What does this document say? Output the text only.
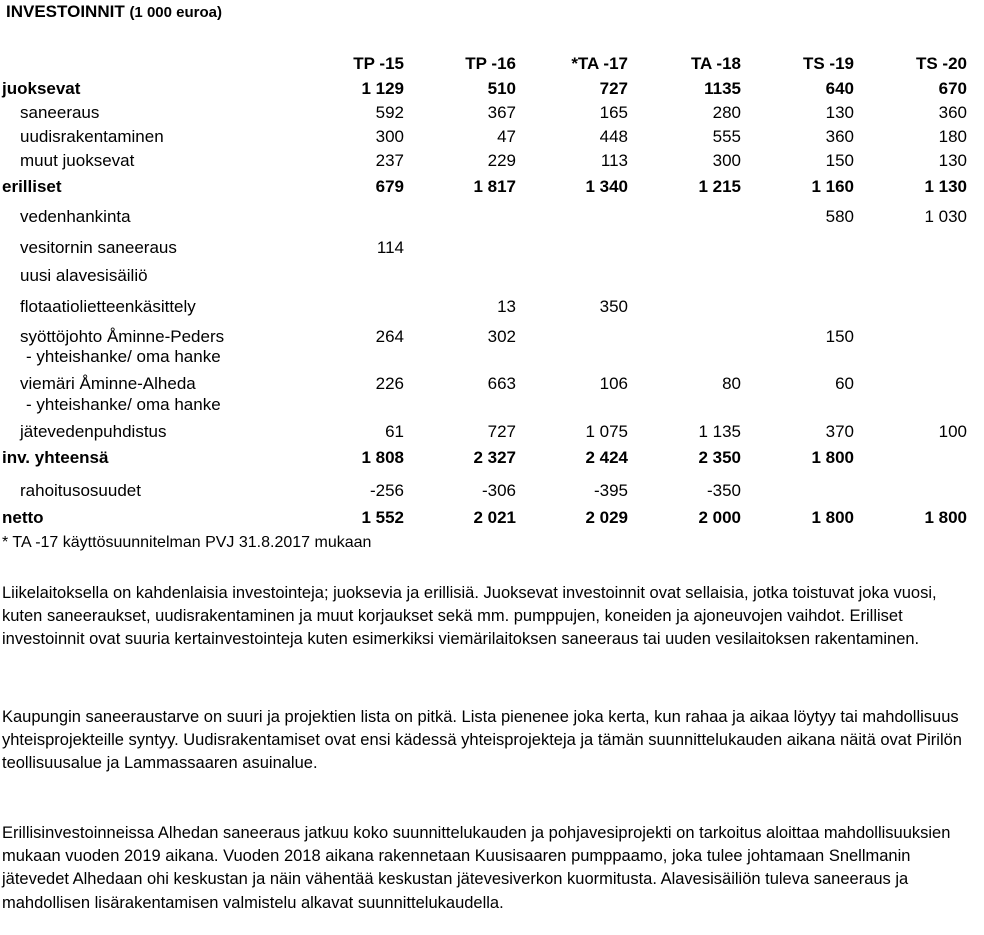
INVESTOINNIT (1 000 euroa)
	TP -15	TP -16	*TA -17	TA -18	TS -19	TS -20
juoksevat	1 129	510	727	1135	640	670
saneeraus	592	367	165	280	130	360
uudisrakentaminen	300	47	448	555	360	180
muut juoksevat	237	229	113	300	150	130
erilliset	679	1 817	1 340	1 215	1 160	1 130
vedenhankinta					580	1 030
vesitornin saneeraus	114					
uusi alavesisäiliö						
flotaatiolietteenkäsittely		13	350			
syöttöjohto Åminne-Peders	264	302			150	
- yhteishanke/ oma hanke						
viemäri Åminne-Alheda	226	663	106	80	60	
- yhteishanke/ oma hanke						
jätevedenpuhdistus	61	727	1 075	1 135	370	100
inv. yhteensä	1 808	2 327	2 424	2 350	1 800	
rahoitusosuudet	-256	-306	-395	-350		
netto	1 552	2 021	2 029	2 000	1 800	1 800
* TA -17 käyttösuunnitelman PVJ 31.8.2017 mukaan

Liikelaitoksella on kahdenlaisia investointeja; juoksevia ja erillisiä. Juoksevat investoinnit ovat sellaisia, jotka toistuvat joka vuosi, kuten saneeraukset, uudisrakentaminen ja muut korjaukset sekä mm. pumppujen, koneiden ja ajoneuvojen vaihdot. Erilliset investoinnit ovat suuria kertainvestointeja kuten esimerkiksi viemärilaitoksen saneeraus tai uuden vesilaitoksen rakentaminen.

Kaupungin saneeraustarve on suuri ja projektien lista on pitkä. Lista pienenee joka kerta, kun rahaa ja aikaa löytyy tai mahdollisuus yhteisprojekteille syntyy. Uudisrakentamiset ovat ensi kädessä yhteisprojekteja ja tämän suunnittelukauden aikana näitä ovat Pirilön teollisuusalue ja Lammassaaren asuinalue.

Erillisinvestoinneissa Alhedan saneeraus jatkuu koko suunnittelukauden ja pohjavesiprojekti on tarkoitus aloittaa mahdollisuuksien mukaan vuoden 2019 aikana. Vuoden 2018 aikana rakennetaan Kuusisaaren pumppaamo, joka tulee johtamaan Snellmanin jätevedet Alhedaan ohi keskustan ja näin vähentää keskustan jätevesiverkon kuormitusta. Alavesisäiliön tuleva saneeraus ja mahdollisen lisärakentamisen valmistelu alkavat suunnittelukaudella.
